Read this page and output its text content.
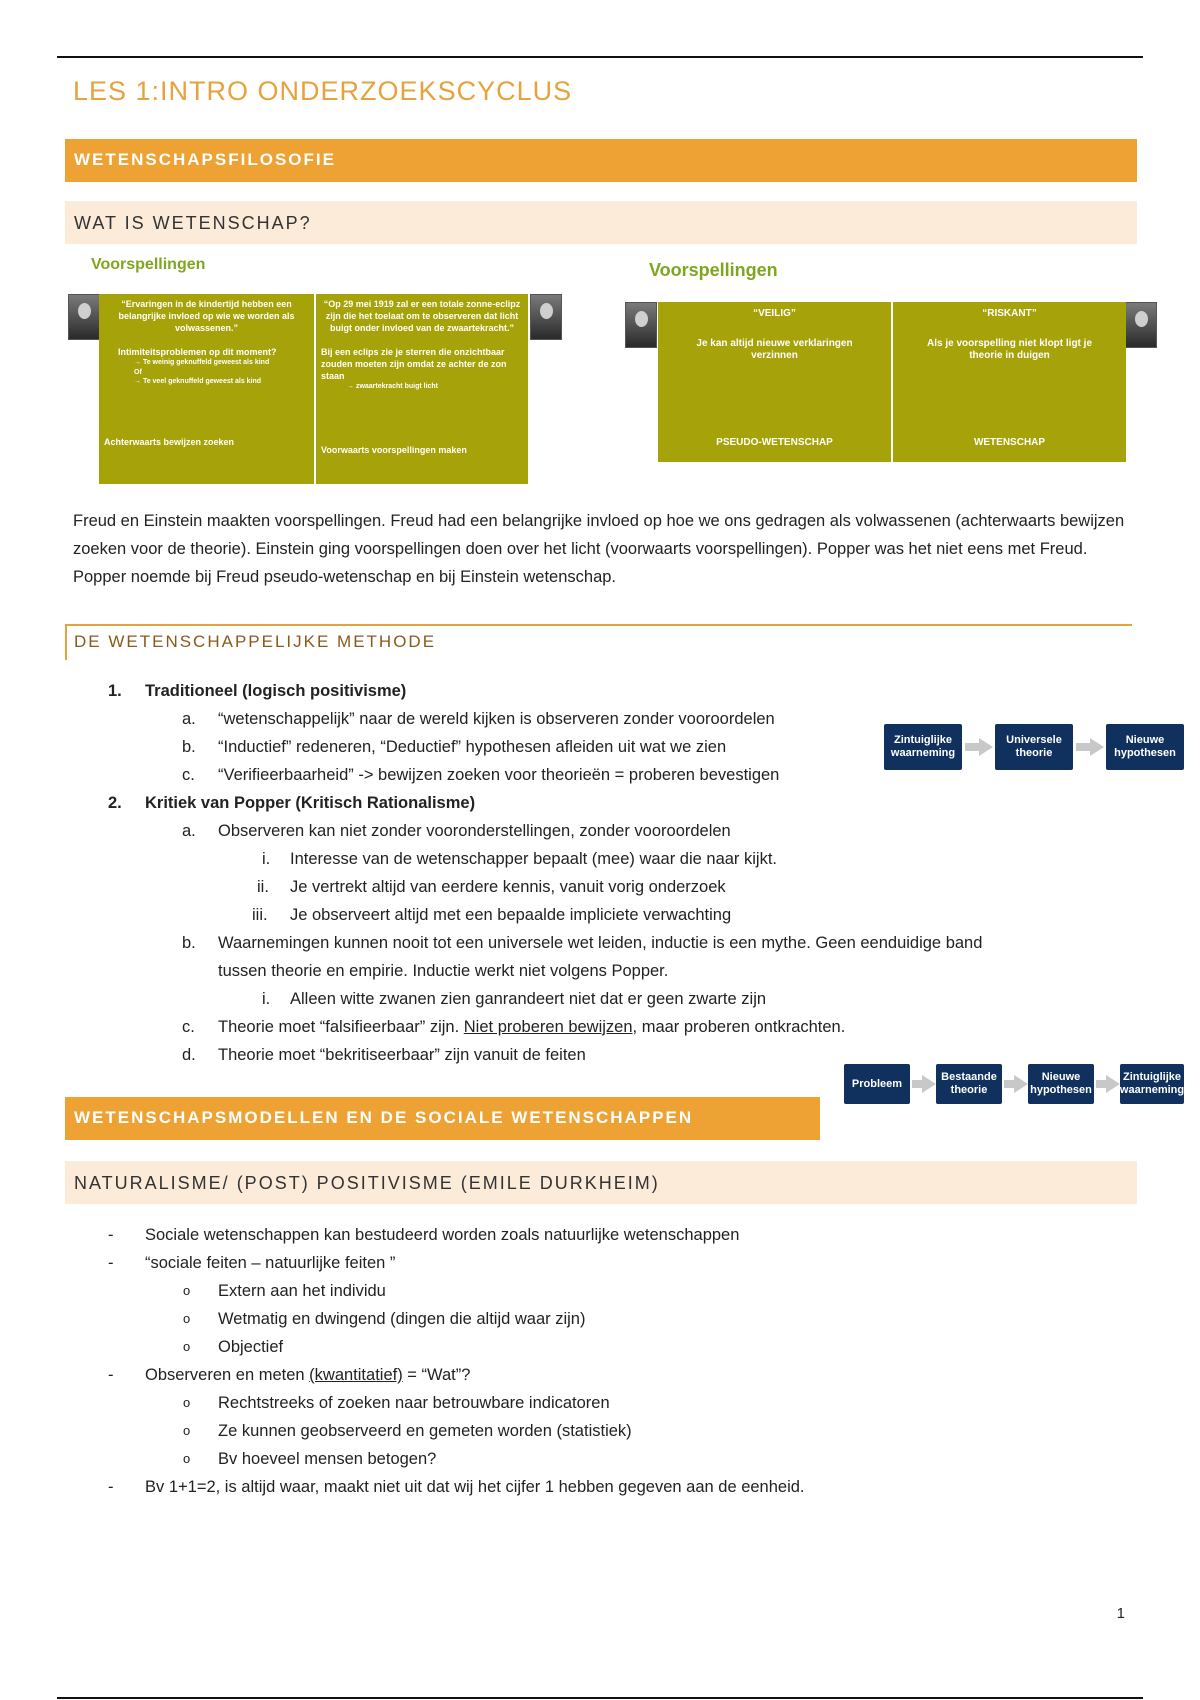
LES 1:INTRO ONDERZOEKSCYCLUS
WETENSCHAPSFILOSOFIE
WAT IS WETENSCHAP?
Voorspellingen
“Ervaringen in de kindertijd hebben een belangrijke invloed op wie we worden als volwassenen.”
Intimiteitsproblemen op dit moment?
→ Te weinig geknuffeld geweest als kind
Of
→ Te veel geknuffeld geweest als kind
Achterwaarts bewijzen zoeken
“Op 29 mei 1919 zal er een totale zonne-eclipz zijn die het toelaat om te observeren dat licht buigt onder invloed van de zwaartekracht.”
Bij een eclips zie je sterren die onzichtbaar zouden moeten zijn omdat ze achter de zon staan
→ zwaartekracht buigt licht
Voorwaarts voorspellingen maken
Voorspellingen
“VEILIG”
Je kan altijd nieuwe verklaringen verzinnen
PSEUDO-WETENSCHAP
“RISKANT”
Als je voorspelling niet klopt ligt je theorie in duigen
WETENSCHAP
Freud en Einstein maakten voorspellingen. Freud had een belangrijke invloed op hoe we ons gedragen als volwassenen (achterwaarts bewijzen zoeken voor de theorie). Einstein ging voorspellingen doen over het licht (voorwaarts voorspellingen). Popper was het niet eens met Freud. Popper noemde bij Freud pseudo-wetenschap en bij Einstein wetenschap.
DE WETENSCHAPPELIJKE METHODE
1. Traditioneel (logisch positivisme)
a. “wetenschappelijk” naar de wereld kijken is observeren zonder vooroordelen
b. “Inductief” redeneren, “Deductief” hypothesen afleiden uit wat we zien
c. “Verifieerbaarheid” -> bewijzen zoeken voor theorieën = proberen bevestigen
2. Kritiek van Popper (Kritisch Rationalisme)
a. Observeren kan niet zonder vooronderstellingen, zonder vooroordelen
i. Interesse van de wetenschapper bepaalt (mee) waar die naar kijkt.
ii. Je vertrekt altijd van eerdere kennis, vanuit vorig onderzoek
iii. Je observeert altijd met een bepaalde impliciete verwachting
b. Waarnemingen kunnen nooit tot een universele wet leiden, inductie is een mythe. Geen eenduidige band
tussen theorie en empirie. Inductie werkt niet volgens Popper.
i. Alleen witte zwanen zien ganrandeert niet dat er geen zwarte zijn
c. Theorie moet “falsifieerbaar” zijn. Niet proberen bewijzen, maar proberen ontkrachten.
d. Theorie moet “bekritiseerbaar” zijn vanuit de feiten
Zintuiglijke waarneming
Universele theorie
Nieuwe hypothesen
Probleem
Bestaande theorie
Nieuwe hypothesen
Zintuiglijke waarneming
WETENSCHAPSMODELLEN EN DE SOCIALE WETENSCHAPPEN
NATURALISME/ (POST) POSITIVISME (EMILE DURKHEIM)
- Sociale wetenschappen kan bestudeerd worden zoals natuurlijke wetenschappen
- “sociale feiten – natuurlijke feiten ”
o Extern aan het individu
o Wetmatig en dwingend (dingen die altijd waar zijn)
o Objectief
- Observeren en meten (kwantitatief) = “Wat”?
o Rechtstreeks of zoeken naar betrouwbare indicatoren
o Ze kunnen geobserveerd en gemeten worden (statistiek)
o Bv hoeveel mensen betogen?
- Bv 1+1=2, is altijd waar, maakt niet uit dat wij het cijfer 1 hebben gegeven aan de eenheid.
1
